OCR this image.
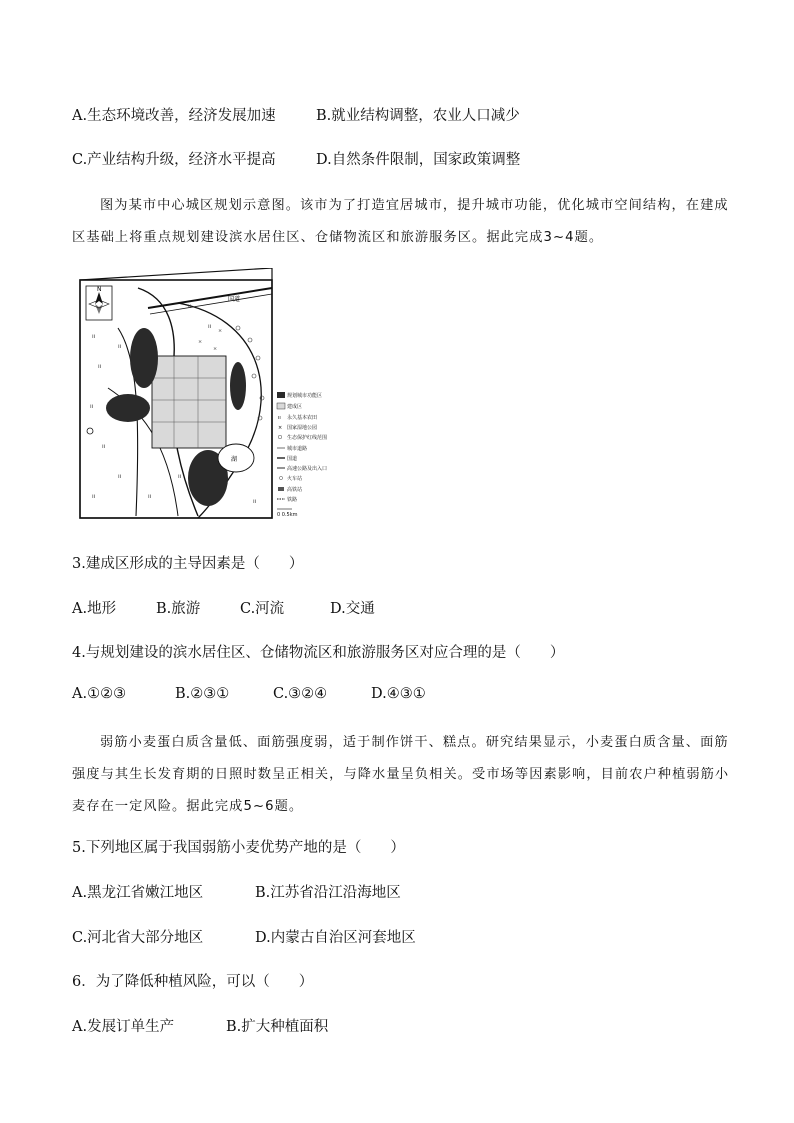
A.生态环境改善，经济发展加速	B.就业结构调整，农业人口减少
C.产业结构升级，经济水平提高	D.自然条件限制，国家政策调整
图为某市中心城区规划示意图。该市为了打造宜居城市，提升城市功能，优化城市空间结构，在建成
区基础上将重点规划建设滨水居住区、仓储物流区和旅游服务区。据此完成3~4题。
N
国道
湖
ıı
ıı
ıı
ıı
ıı
ıı
ıı	ıı
ıı
ıı
ıı
ıı
×
×
×
规划城市功能区
建成区
ıı 永久基本农田
× 国家湿地公园
生态保护红线范围
城市道路
国道
高速公路及出入口
火车站
高铁站
铁路
0 0.5km
3.建成区形成的主导因素是（　　）
A.地形	B.旅游	C.河流	D.交通
4.与规划建设的滨水居住区、仓储物流区和旅游服务区对应合理的是（　　）
A.①②③	B.②③①	C.③②④	D.④③①
弱筋小麦蛋白质含量低、面筋强度弱，适于制作饼干、糕点。研究结果显示，小麦蛋白质含量、面筋
强度与其生长发育期的日照时数呈正相关，与降水量呈负相关。受市场等因素影响，目前农户种植弱筋小
麦存在一定风险。据此完成5~6题。
5.下列地区属于我国弱筋小麦优势产地的是（　　）
A.黑龙江省嫩江地区	B.江苏省沿江沿海地区
C.河北省大部分地区	D.内蒙古自治区河套地区
6．为了降低种植风险，可以（　　）
A.发展订单生产	B.扩大种植面积
